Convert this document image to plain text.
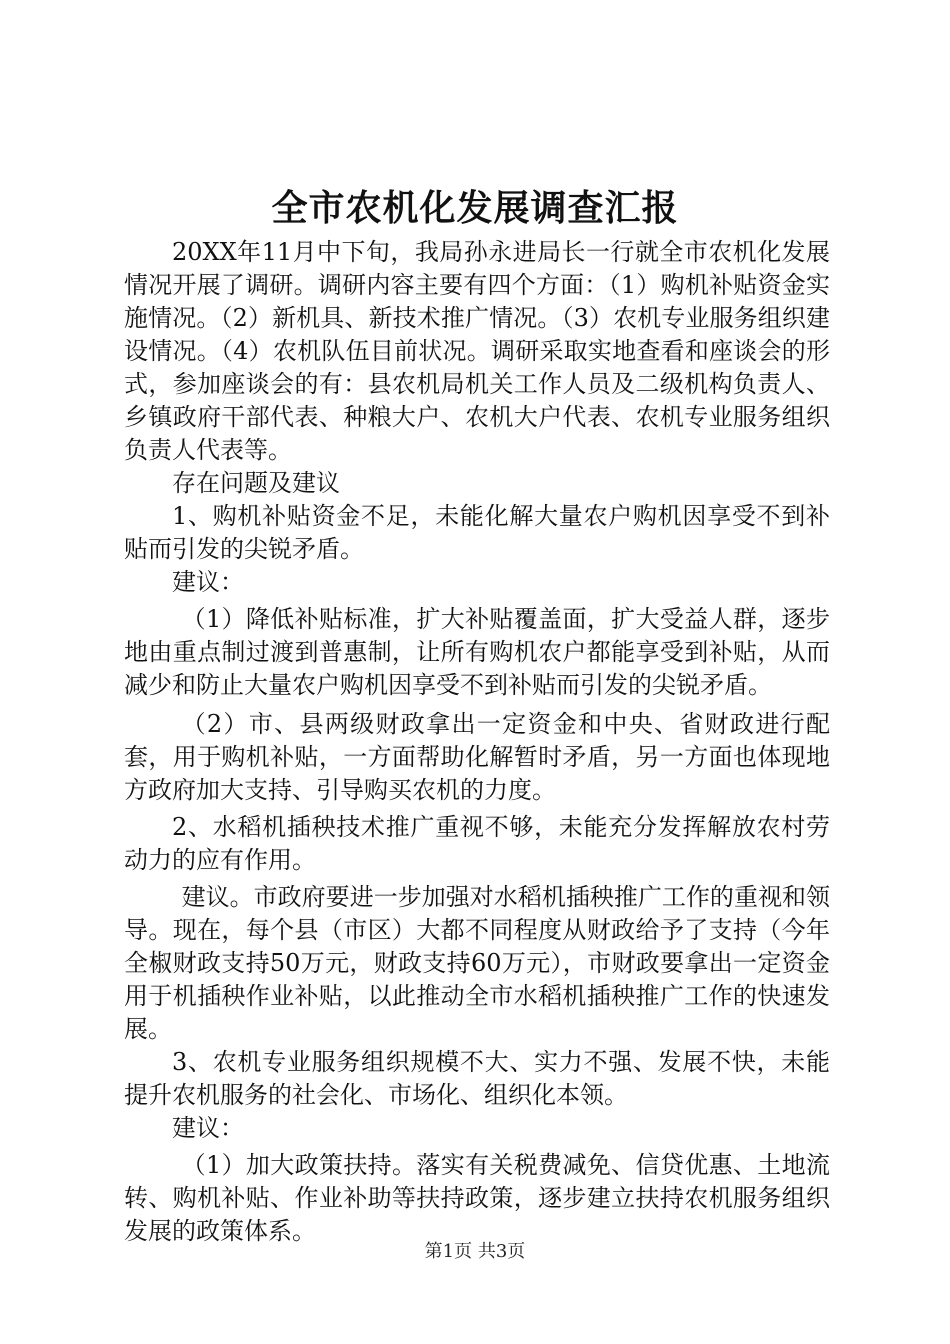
全市农机化发展调查汇报

20XX年11月中下旬，我局孙永进局长一行就全市农机化发展情况开展了调研。调研内容主要有四个方面：（1）购机补贴资金实施情况。（2）新机具、新技术推广情况。（3）农机专业服务组织建设情况。（4）农机队伍目前状况。调研采取实地查看和座谈会的形式，参加座谈会的有：县农机局机关工作人员及二级机构负责人、乡镇政府干部代表、种粮大户、农机大户代表、农机专业服务组织负责人代表等。

存在问题及建议

1、购机补贴资金不足，未能化解大量农户购机因享受不到补贴而引发的尖锐矛盾。

建议：

（1）降低补贴标准，扩大补贴覆盖面，扩大受益人群，逐步地由重点制过渡到普惠制，让所有购机农户都能享受到补贴，从而减少和防止大量农户购机因享受不到补贴而引发的尖锐矛盾。

（2）市、县两级财政拿出一定资金和中央、省财政进行配套，用于购机补贴，一方面帮助化解暂时矛盾，另一方面也体现地方政府加大支持、引导购买农机的力度。

2、水稻机插秧技术推广重视不够，未能充分发挥解放农村劳动力的应有作用。

建议。市政府要进一步加强对水稻机插秧推广工作的重视和领导。现在，每个县（市区）大都不同程度从财政给予了支持（今年全椒财政支持50万元，财政支持60万元），市财政要拿出一定资金用于机插秧作业补贴，以此推动全市水稻机插秧推广工作的快速发展。

3、农机专业服务组织规模不大、实力不强、发展不快，未能提升农机服务的社会化、市场化、组织化本领。

建议：

（1）加大政策扶持。落实有关税费减免、信贷优惠、土地流转、购机补贴、作业补助等扶持政策，逐步建立扶持农机服务组织发展的政策体系。

第1页 共3页
